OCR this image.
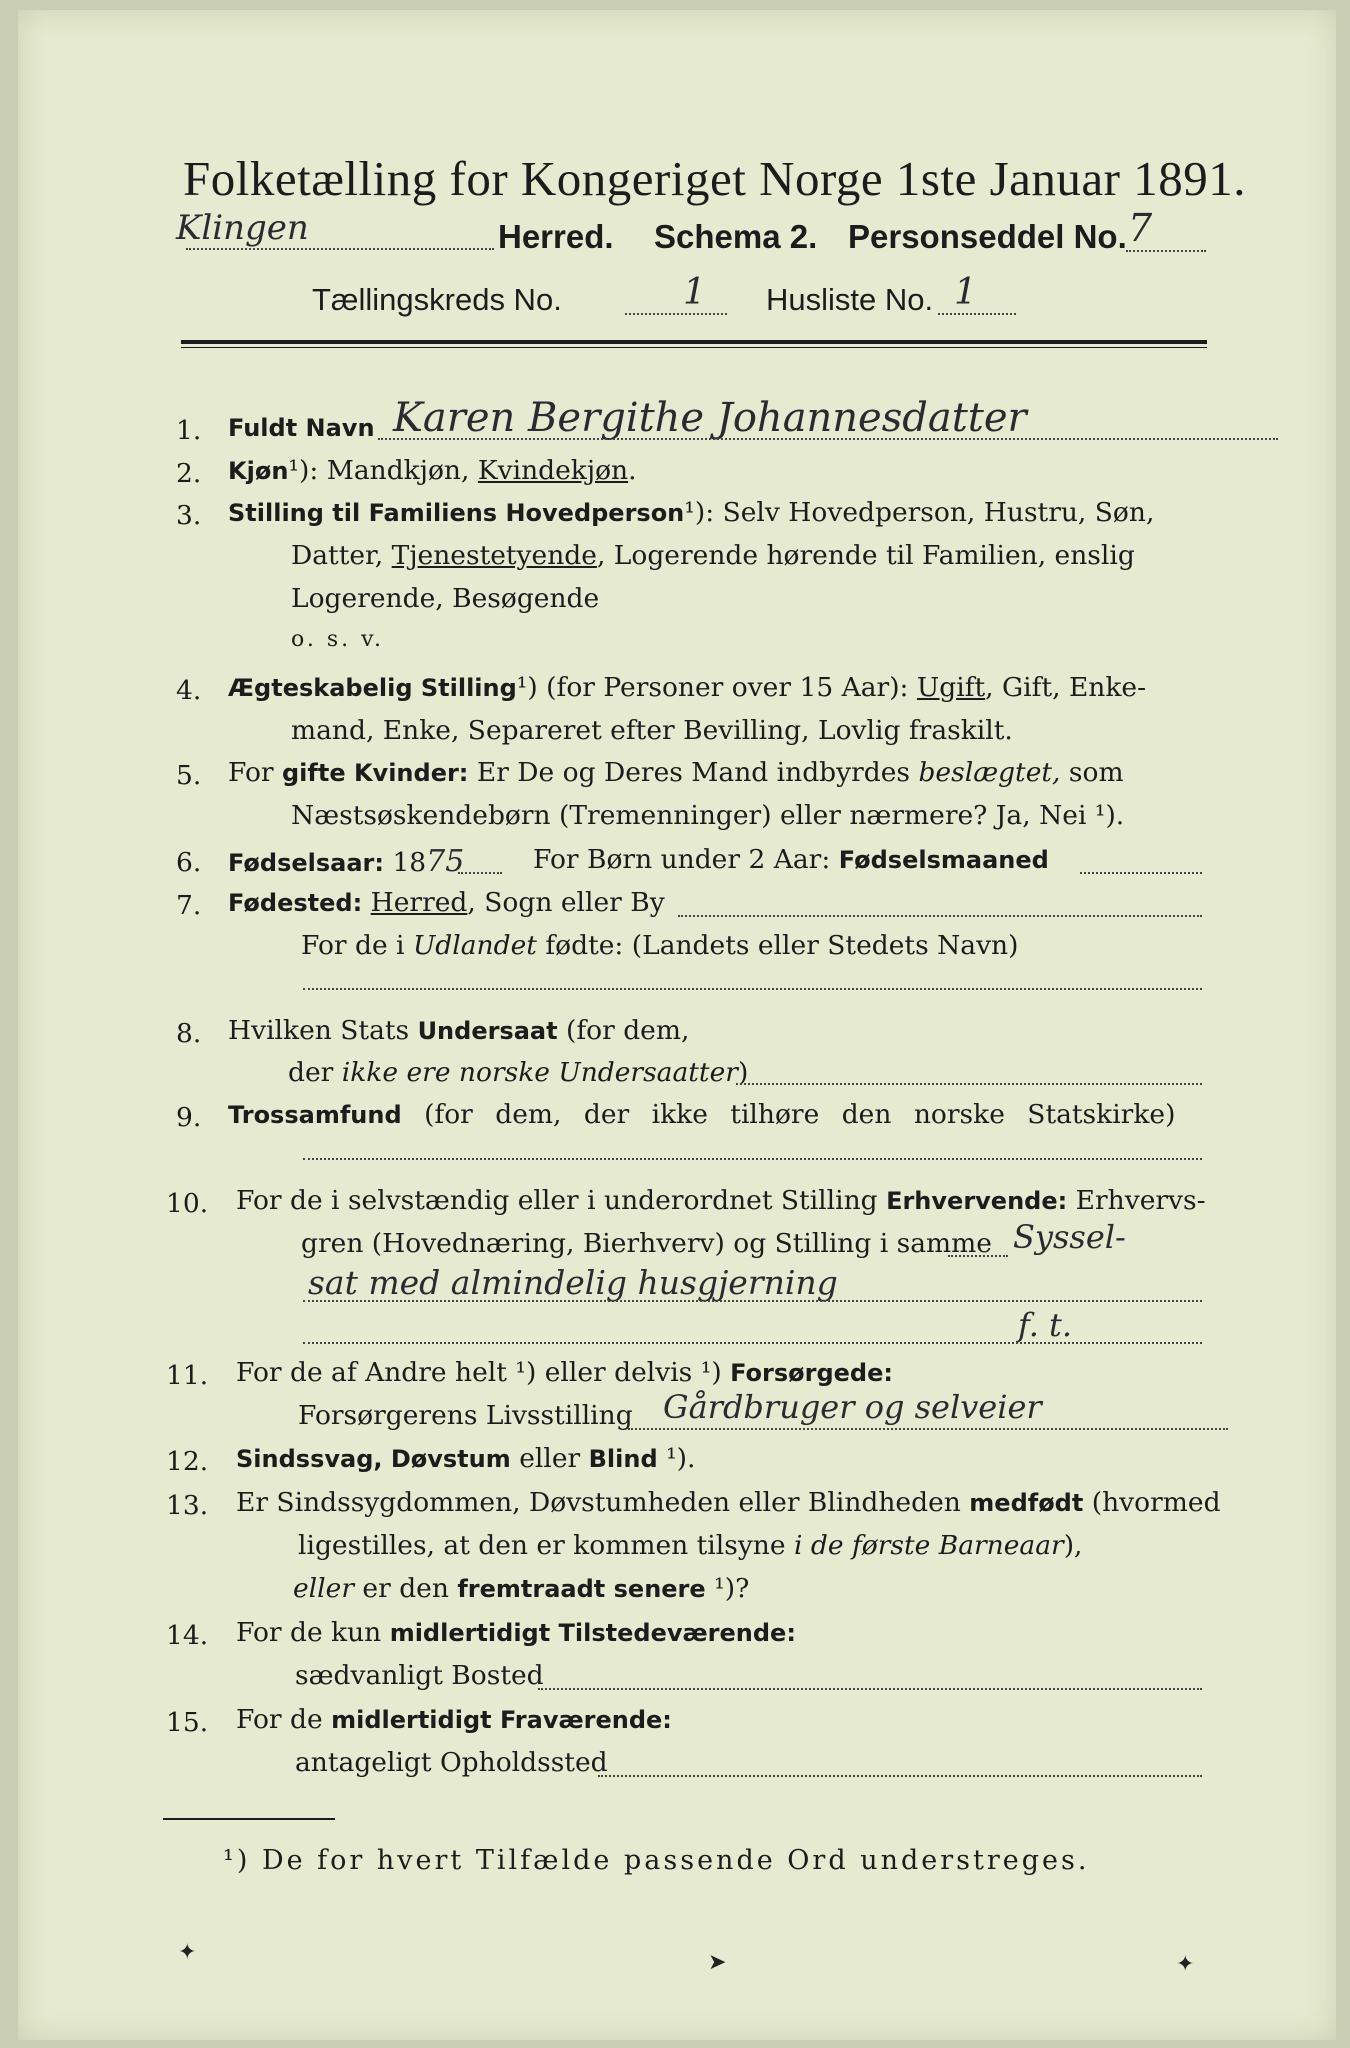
Folketælling for Kongeriget Norge 1ste Januar 1891.
Klingen	Herred. Schema 2. Personseddel No. 7
Tællingskreds No.	1 Husliste No. 1
1. Fuldt Navn Karen Bergithe Johannesdatter
2. Kjøn¹): Mandkjøn, Kvindekjøn.
3. Stilling til Familiens Hovedperson¹): Selv Hovedperson, Hustru, Søn,
Datter, Tjenestetyende, Logerende hørende til Familien, enslig
Logerende, Besøgende
o. s. v.
4. Ægteskabelig Stilling¹) (for Personer over 15 Aar): Ugift, Gift, Enke-
mand, Enke, Separeret efter Bevilling, Lovlig fraskilt.
5. For gifte Kvinder: Er De og Deres Mand indbyrdes beslægtet, som
Næstsøskendebørn (Tremenninger) eller nærmere? Ja, Nei ¹).
6. Fødselsaar: 1875	For Børn under 2 Aar: Fødselsmaaned
7. Fødested: Herred, Sogn eller By
For de i Udlandet fødte: (Landets eller Stedets Navn)
8. Hvilken Stats Undersaat (for dem,
der ikke ere norske Undersaatter)
9. Trossamfund (for dem, der ikke tilhøre den norske Statskirke)
10. For de i selvstændig eller i underordnet Stilling Erhvervende: Erhvervs-
gren (Hovednæring, Bierhverv) og Stilling i samme Syssel-
sat med almindelig husgjerning
f. t.
11. For de af Andre helt ¹) eller delvis ¹) Forsørgede:
Forsørgerens Livsstilling Gårdbruger og selveier
12. Sindssvag, Døvstum eller Blind ¹).
13. Er Sindssygdommen, Døvstumheden eller Blindheden medfødt (hvormed
ligestilles, at den er kommen tilsyne i de første Barneaar),
eller er den fremtraadt senere ¹)?
14. For de kun midlertidigt Tilstedeværende:
sædvanligt Bosted
15. For de midlertidigt Fraværende:
antageligt Opholdssted
¹) De for hvert Tilfælde passende Ord understreges.
✦	➤	✦
